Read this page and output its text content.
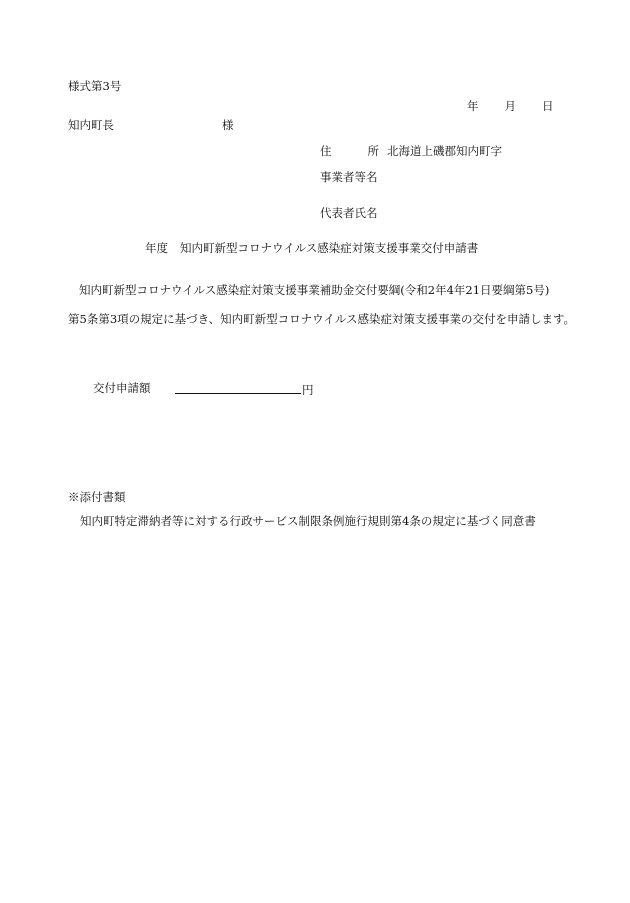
様式第3号
年 月 日
知内町長	様
住	所 北海道上磯郡知内町字
事業者等名
代表者氏名
年度 知内町新型コロナウイルス感染症対策支援事業交付申請書
知内町新型コロナウイルス感染症対策支援事業補助金交付要綱(令和2年4年21日要綱第5号)
第5条第3項の規定に基づき、知内町新型コロナウイルス感染症対策支援事業の交付を申請します。
交付申請額	円
※添付書類
知内町特定滞納者等に対する行政サービス制限条例施行規則第4条の規定に基づく同意書
